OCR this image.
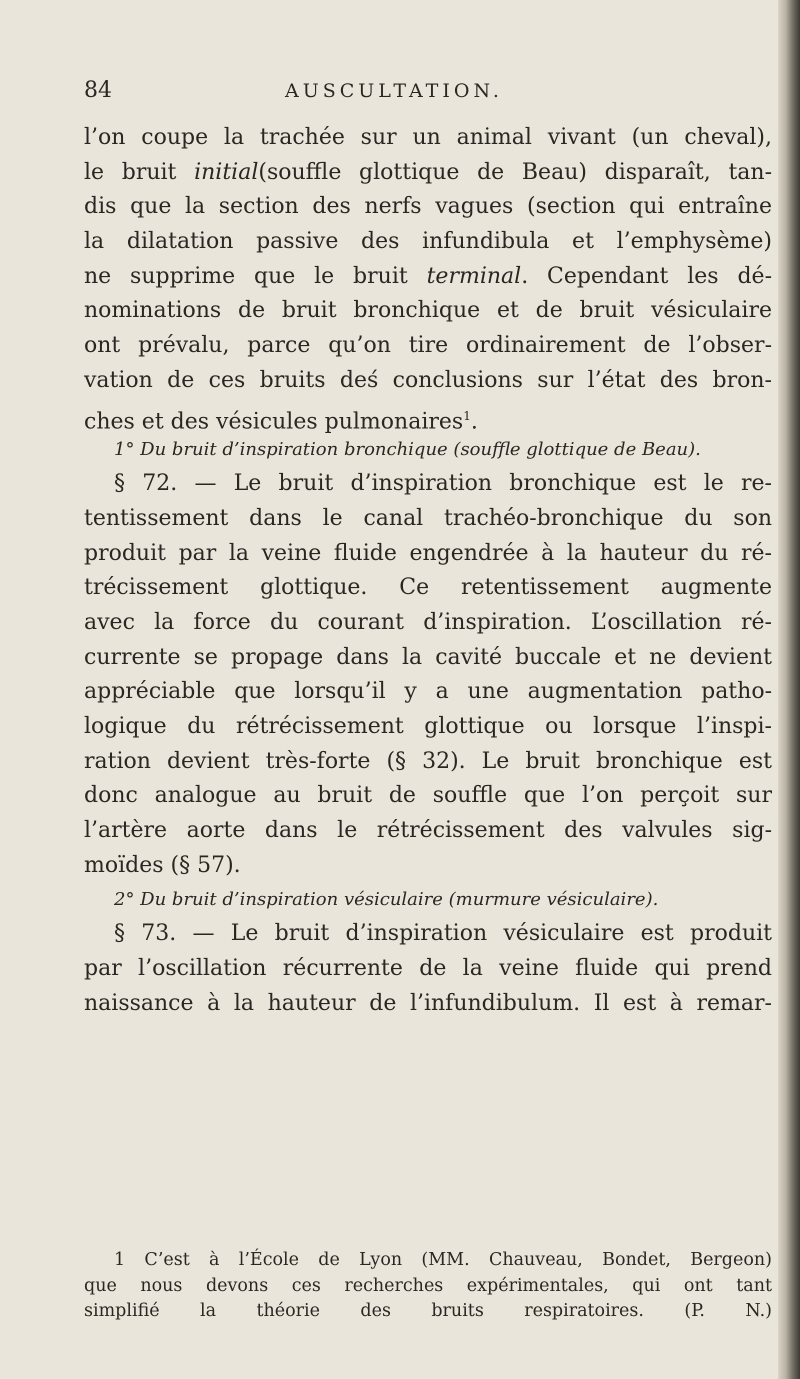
84	AUSCULTATION.
l’on coupe la trachée sur un animal vivant (un cheval),
le bruit initial(souffle glottique de Beau) disparaît, tan-
dis que la section des nerfs vagues (section qui entraîne
la dilatation passive des infundibula et l’emphysème)
ne supprime que le bruit terminal. Cependant les dé-
nominations de bruit bronchique et de bruit vésiculaire
ont prévalu, parce qu’on tire ordinairement de l’obser-
vation de ces bruits deś conclusions sur l’état des bron-
ches et des vésicules pulmonaires$^1$.
1° Du bruit d’inspiration bronchique (souffle glottique de Beau).
§ 72. — Le bruit d’inspiration bronchique est le re-
tentissement dans le canal trachéo-bronchique du son
produit par la veine fluide engendrée à la hauteur du ré-
trécissement glottique. Ce retentissement augmente
avec la force du courant d’inspiration. L’oscillation ré-
currente se propage dans la cavité buccale et ne devient
appréciable que lorsqu’il y a une augmentation patho-
logique du rétrécissement glottique ou lorsque l’inspi-
ration devient très-forte (§ 32). Le bruit bronchique est
donc analogue au bruit de souffle que l’on perçoit sur
l’artère aorte dans le rétrécissement des valvules sig-
moïdes (§ 57).
2° Du bruit d’inspiration vésiculaire (murmure vésiculaire).
§ 73. — Le bruit d’inspiration vésiculaire est produit
par l’oscillation récurrente de la veine fluide qui prend
naissance à la hauteur de l’infundibulum. Il est à remar-
1 C’est à l’École de Lyon (MM. Chauveau, Bondet, Bergeon)
que nous devons ces recherches expérimentales, qui ont tant
simplifié la théorie des bruits respiratoires. (P. N.)
